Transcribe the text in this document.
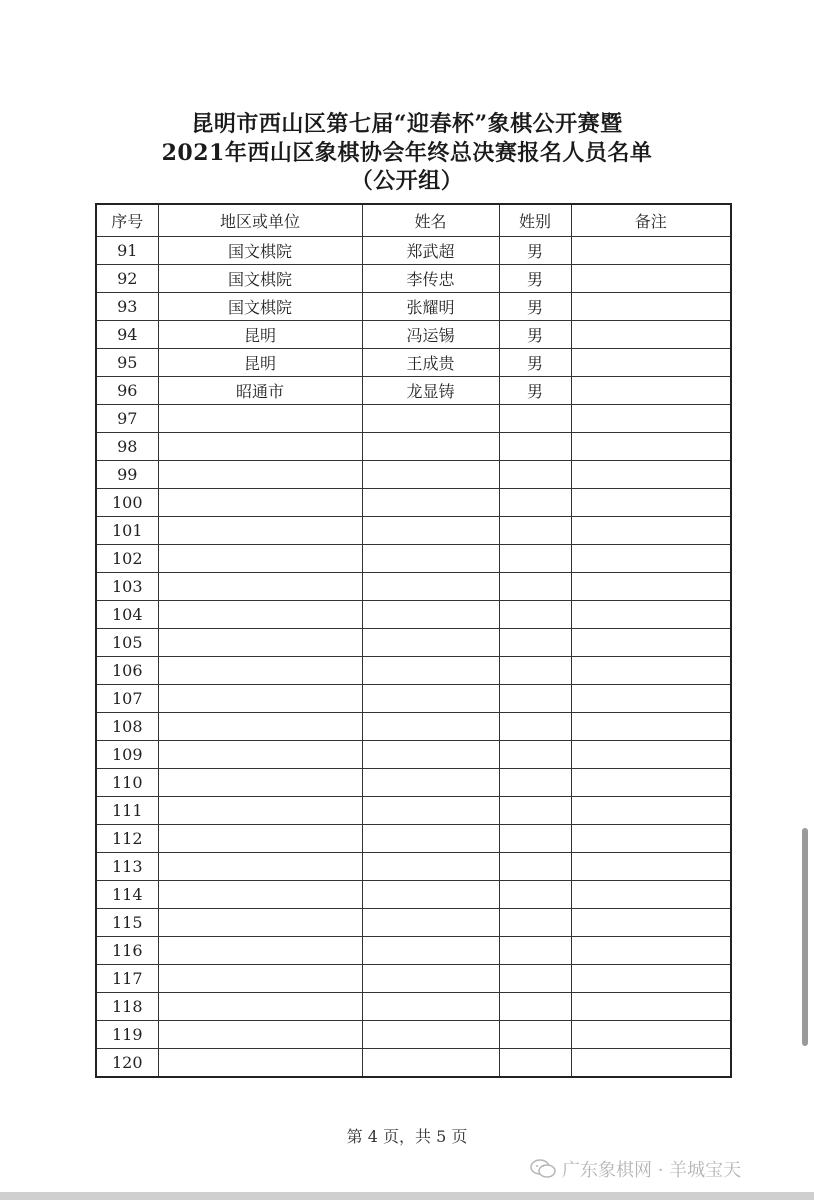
昆明市西山区第七届“迎春杯”象棋公开赛暨
2021年西山区象棋协会年终总决赛报名人员名单
（公开组）
序号	地区或单位	姓名	姓别	备注
91	国文棋院	郑武超	男	
92	国文棋院	李传忠	男	
93	国文棋院	张耀明	男	
94	昆明	冯运锡	男	
95	昆明	王成贵	男	
96	昭通市	龙显铸	男	
97				
98				
99				
100				
101				
102				
103				
104				
105				
106				
107				
108				
109				
110				
111				
112				
113				
114				
115				
116				
117				
118				
119				
120				
第 4 页，共 5 页
广东象棋网 · 羊城宝天
